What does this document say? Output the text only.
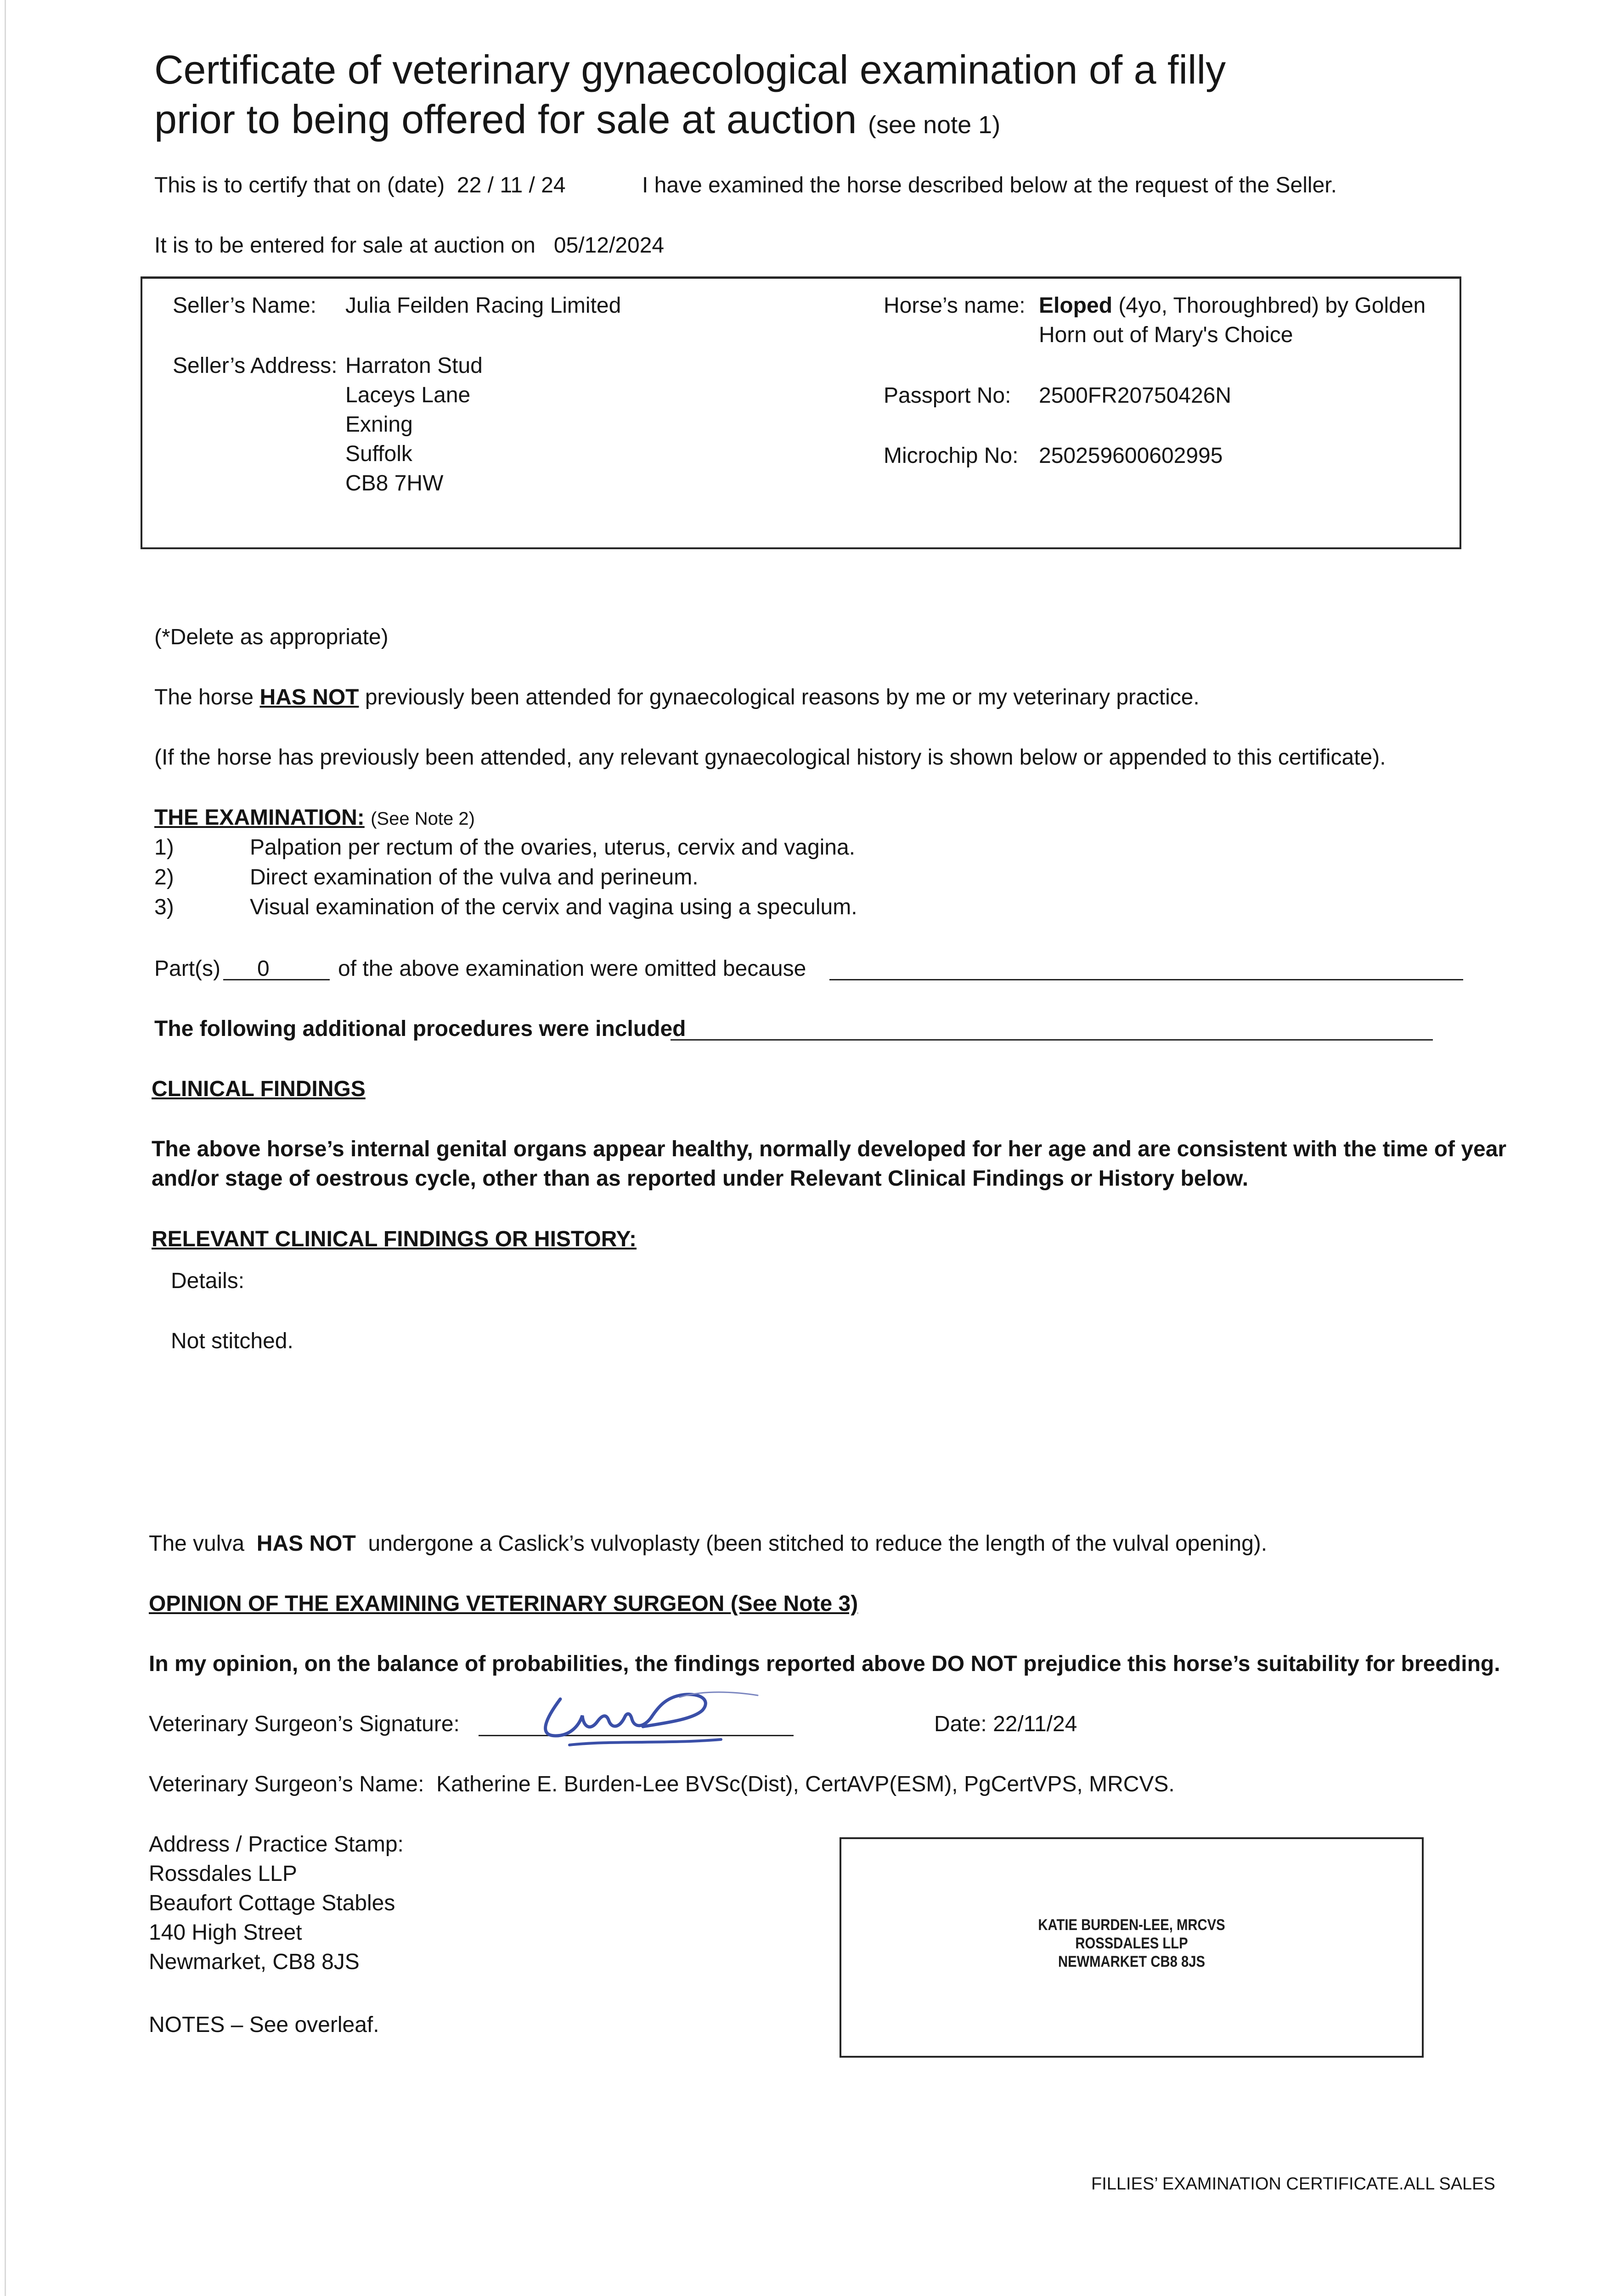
Certificate of veterinary gynaecological examination of a filly
prior to being offered for sale at auction (see note 1)
This is to certify that on (date) 22 / 11 / 24	I have examined the horse described below at the request of the Seller.
It is to be entered for sale at auction on 05/12/2024
Seller’s Name: Julia Feilden Racing Limited
Seller’s Address: Harraton Stud
Laceys Lane
Exning
Suffolk
CB8 7HW
Horse’s name: Eloped (4yo, Thoroughbred) by Golden
Horn out of Mary's Choice
Passport No: 2500FR20750426N
Microchip No: 250259600602995
(*Delete as appropriate)
The horse HAS NOT previously been attended for gynaecological reasons by me or my veterinary practice.
(If the horse has previously been attended, any relevant gynaecological history is shown below or appended to this certificate).
THE EXAMINATION: (See Note 2)
1)	Palpation per rectum of the ovaries, uterus, cervix and vagina.
2)	Direct examination of the vulva and perineum.
3)	Visual examination of the cervix and vagina using a speculum.
Part(s) 0	of the above examination were omitted because
The following additional procedures were included
CLINICAL FINDINGS
The above horse’s internal genital organs appear healthy, normally developed for her age and are consistent with the time of year
and/or stage of oestrous cycle, other than as reported under Relevant Clinical Findings or History below.
RELEVANT CLINICAL FINDINGS OR HISTORY:
Details:
Not stitched.
The vulva HAS NOT undergone a Caslick’s vulvoplasty (been stitched to reduce the length of the vulval opening).
OPINION OF THE EXAMINING VETERINARY SURGEON (See Note 3)
In my opinion, on the balance of probabilities, the findings reported above DO NOT prejudice this horse’s suitability for breeding.
Veterinary Surgeon’s Signature:	Date: 22/11/24
Veterinary Surgeon’s Name: Katherine E. Burden-Lee BVSc(Dist), CertAVP(ESM), PgCertVPS, MRCVS.
Address / Practice Stamp:
Rossdales LLP
Beaufort Cottage Stables
140 High Street
Newmarket, CB8 8JS
KATIE BURDEN-LEE, MRCVS
ROSSDALES LLP
NEWMARKET CB8 8JS
NOTES – See overleaf.
FILLIES’ EXAMINATION CERTIFICATE.ALL SALES
